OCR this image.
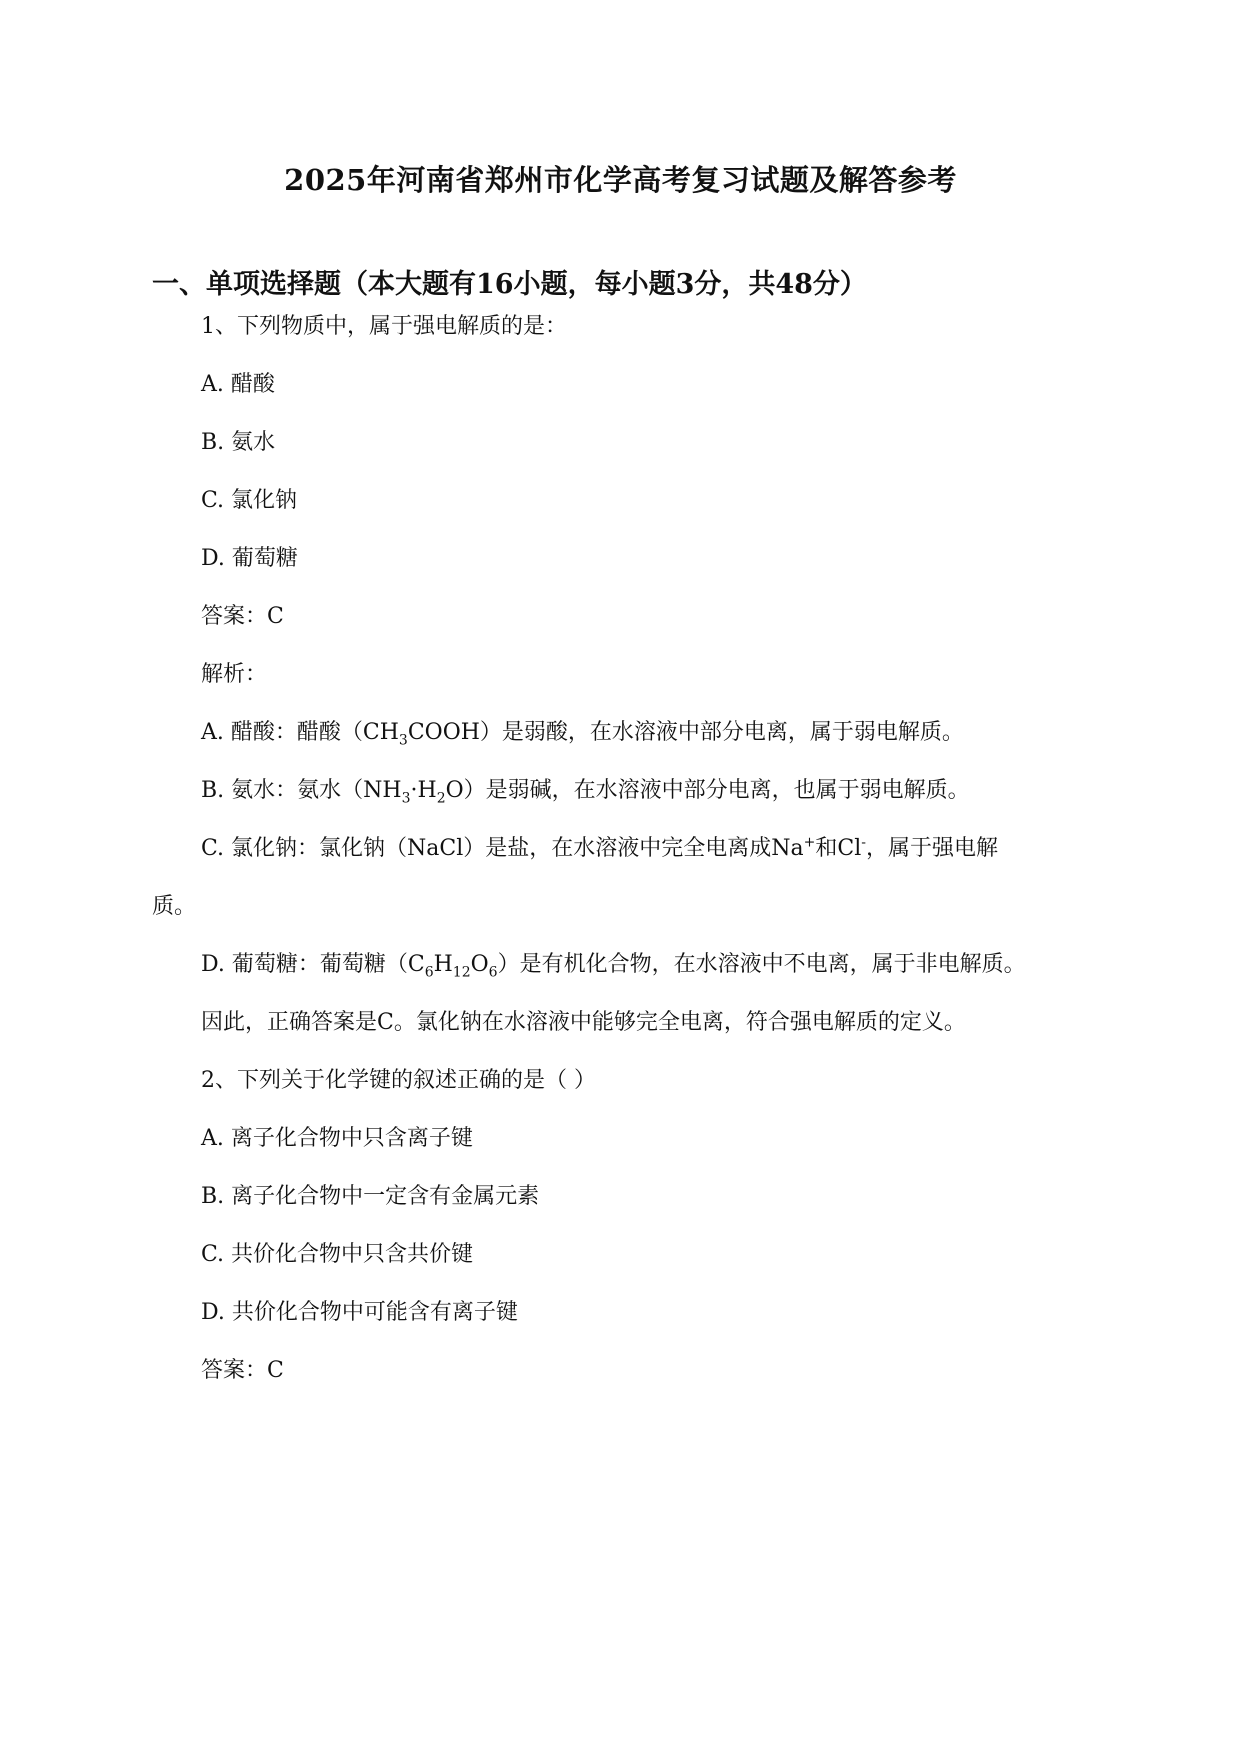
2025年河南省郑州市化学高考复习试题及解答参考
一、单项选择题（本大题有16小题，每小题3分，共48分）
1、下列物质中，属于强电解质的是：
A. 醋酸
B. 氨水
C. 氯化钠
D. 葡萄糖
答案：C
解析：
A. 醋酸：醋酸$(CH_3COOH)$是弱酸，在水溶液中部分电离，属于弱电解质。
B. 氨水：氨水$(NH_3\cdot H_2O)$是弱碱，在水溶液中部分电离，也属于弱电解质。
C. 氯化钠：氯化钠（NaCl）是盐，在水溶液中完全电离成Na+和Cl-，属于强电解
质。
D. 葡萄糖：葡萄糖$(C_6H_{12}O_6)$是有机化合物，在水溶液中不电离，属于非电解质。
因此，正确答案是C。氯化钠在水溶液中能够完全电离，符合强电解质的定义。
2、下列关于化学键的叙述正确的是（ ）
A. 离子化合物中只含离子键
B. 离子化合物中一定含有金属元素
C. 共价化合物中只含共价键
D. 共价化合物中可能含有离子键
答案：C
